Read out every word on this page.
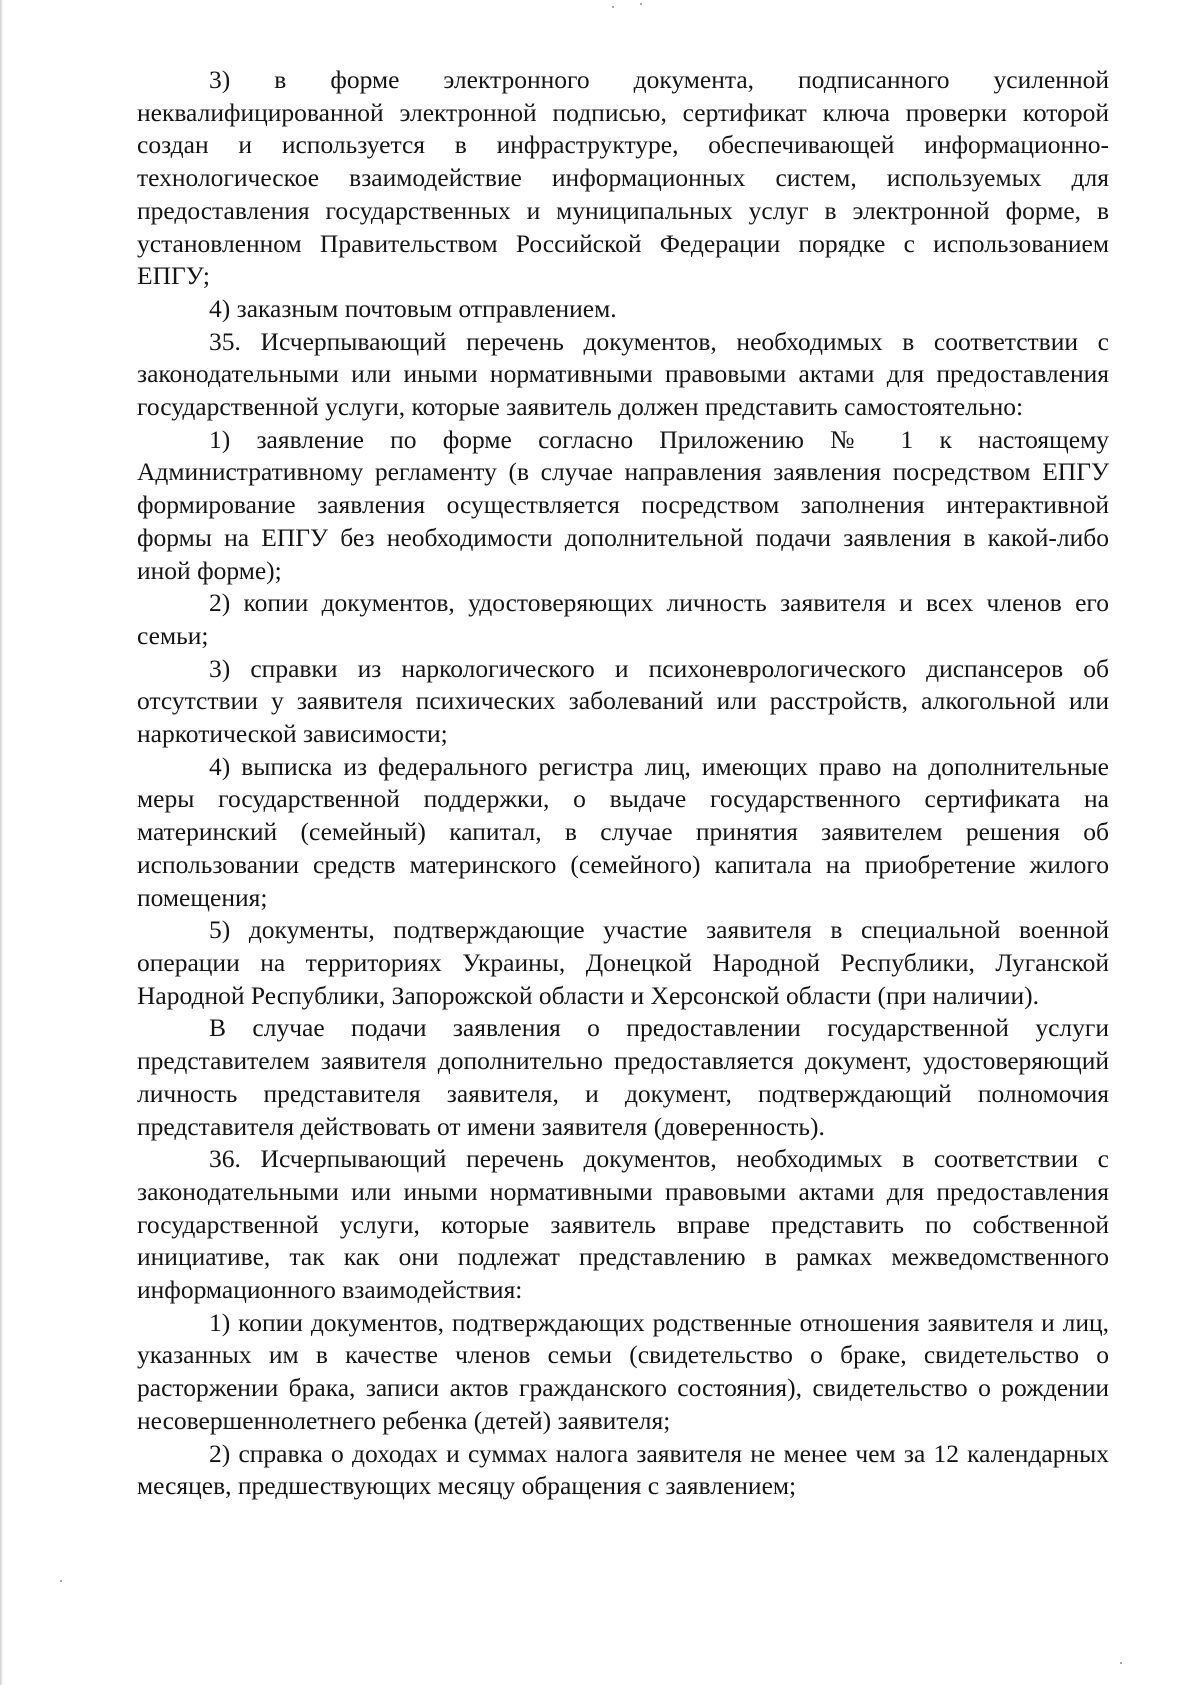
3) в форме электронного документа, подписанного усиленной неквалифицированной электронной подписью, сертификат ключа проверки которой создан и используется в инфраструктуре, обеспечивающей информационно-технологическое взаимодействие информационных систем, используемых для предоставления государственных и муниципальных услуг в электронной форме, в установленном Правительством Российской Федерации порядке с использованием ЕПГУ;

4) заказным почтовым отправлением.

35. Исчерпывающий перечень документов, необходимых в соответствии с законодательными или иными нормативными правовыми актами для предоставления государственной услуги, которые заявитель должен представить самостоятельно:

1) заявление по форме согласно Приложению № 1 к настоящему Административному регламенту (в случае направления заявления посредством ЕПГУ формирование заявления осуществляется посредством заполнения интерактивной формы на ЕПГУ без необходимости дополнительной подачи заявления в какой-либо иной форме);

2) копии документов, удостоверяющих личность заявителя и всех членов его семьи;

3) справки из наркологического и психоневрологического диспансеров об отсутствии у заявителя психических заболеваний или расстройств, алкогольной или наркотической зависимости;

4) выписка из федерального регистра лиц, имеющих право на дополнительные меры государственной поддержки, о выдаче государственного сертификата на материнский (семейный) капитал, в случае принятия заявителем решения об использовании средств материнского (семейного) капитала на приобретение жилого помещения;

5) документы, подтверждающие участие заявителя в специальной военной операции на территориях Украины, Донецкой Народной Республики, Луганской Народной Республики, Запорожской области и Херсонской области (при наличии).

В случае подачи заявления о предоставлении государственной услуги представителем заявителя дополнительно предоставляется документ, удостоверяющий личность представителя заявителя, и документ, подтверждающий полномочия представителя действовать от имени заявителя (доверенность).

36. Исчерпывающий перечень документов, необходимых в соответствии с законодательными или иными нормативными правовыми актами для предоставления государственной услуги, которые заявитель вправе представить по собственной инициативе, так как они подлежат представлению в рамках межведомственного информационного взаимодействия:

1) копии документов, подтверждающих родственные отношения заявителя и лиц, указанных им в качестве членов семьи (свидетельство о браке, свидетельство о расторжении брака, записи актов гражданского состояния), свидетельство о рождении несовершеннолетнего ребенка (детей) заявителя;

2) справка о доходах и суммах налога заявителя не менее чем за 12 календарных месяцев, предшествующих месяцу обращения с заявлением;
